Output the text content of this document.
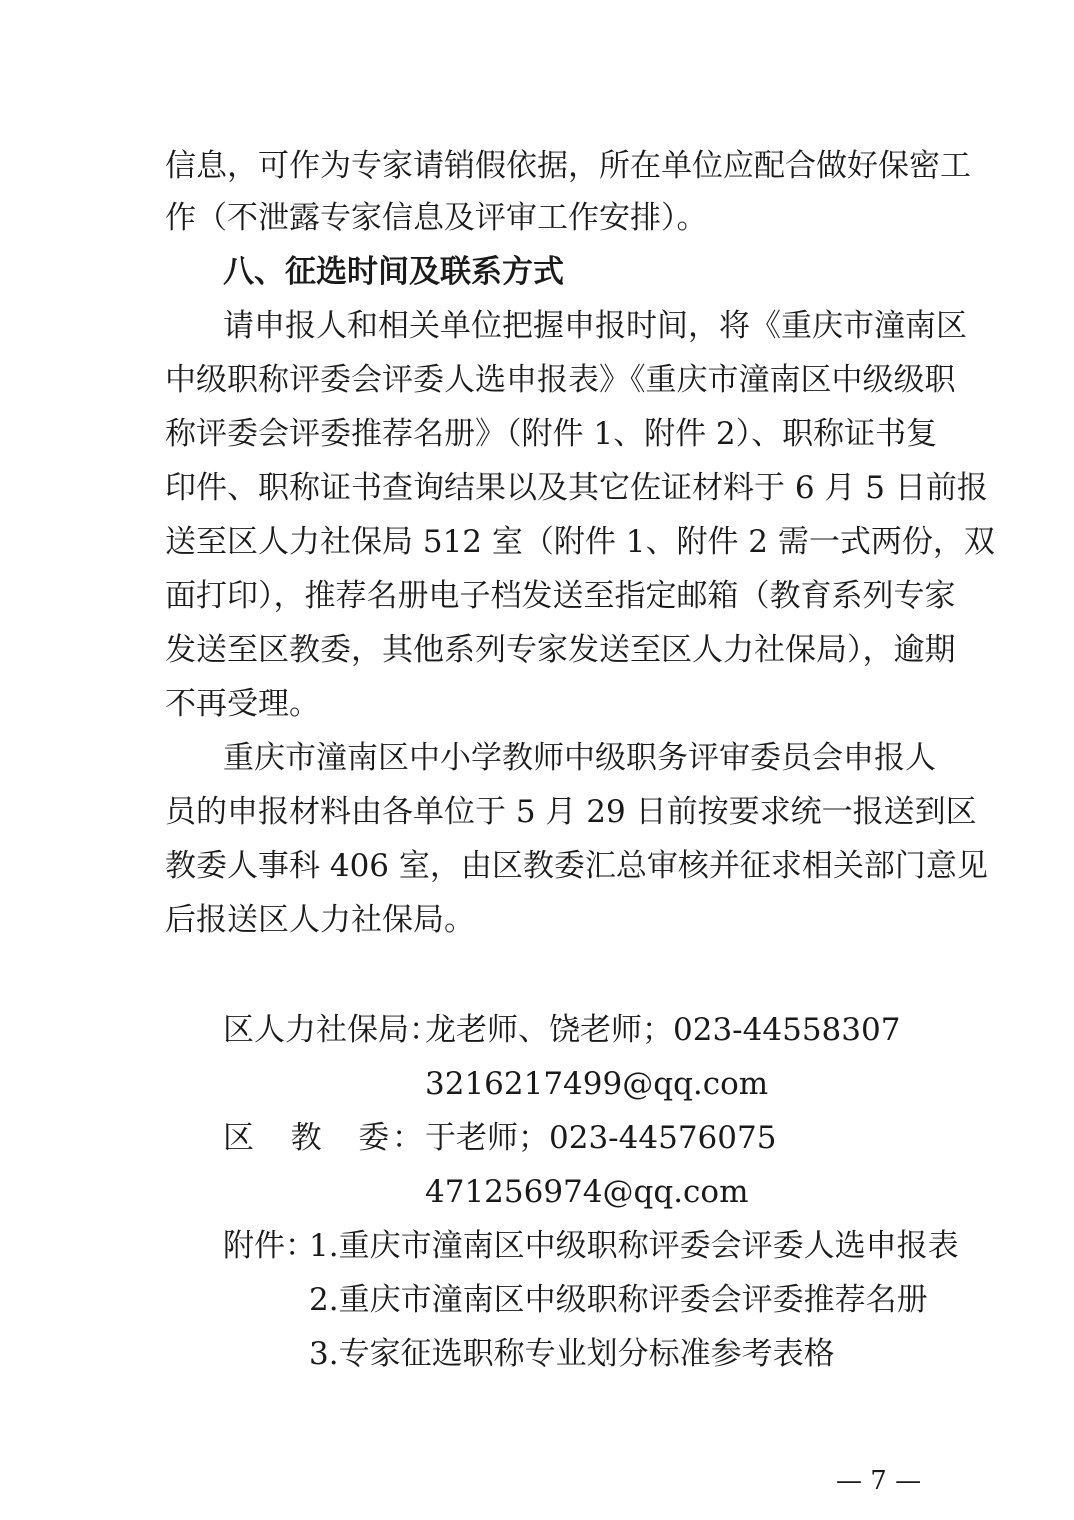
信息，可作为专家请销假依据，所在单位应配合做好保密工
作（不泄露专家信息及评审工作安排）。
八、征选时间及联系方式
请申报人和相关单位把握申报时间，将《重庆市潼南区
中级职称评委会评委人选申报表》《重庆市潼南区中级级职
称评委会评委推荐名册》（附件 1、附件 2）、职称证书复
印件、职称证书查询结果以及其它佐证材料于 6 月 5 日前报
送至区人力社保局 512 室（附件 1、附件 2 需一式两份，双
面打印），推荐名册电子档发送至指定邮箱（教育系列专家
发送至区教委，其他系列专家发送至区人力社保局），逾期
不再受理。
重庆市潼南区中小学教师中级职务评审委员会申报人
员的申报材料由各单位于 5 月 29 日前按要求统一报送到区
教委人事科 406 室，由区教委汇总审核并征求相关部门意见
后报送区人力社保局。
区人力社保局：
龙老师、饶老师；023-44558307
3216217499@qq.com
区　教　委： 于老师；023-44576075
471256974@qq.com
附件：
1.重庆市潼南区中级职称评委会评委人选申报表
2.重庆市潼南区中级职称评委会评委推荐名册
3.专家征选职称专业划分标准参考表格
— 7 —
